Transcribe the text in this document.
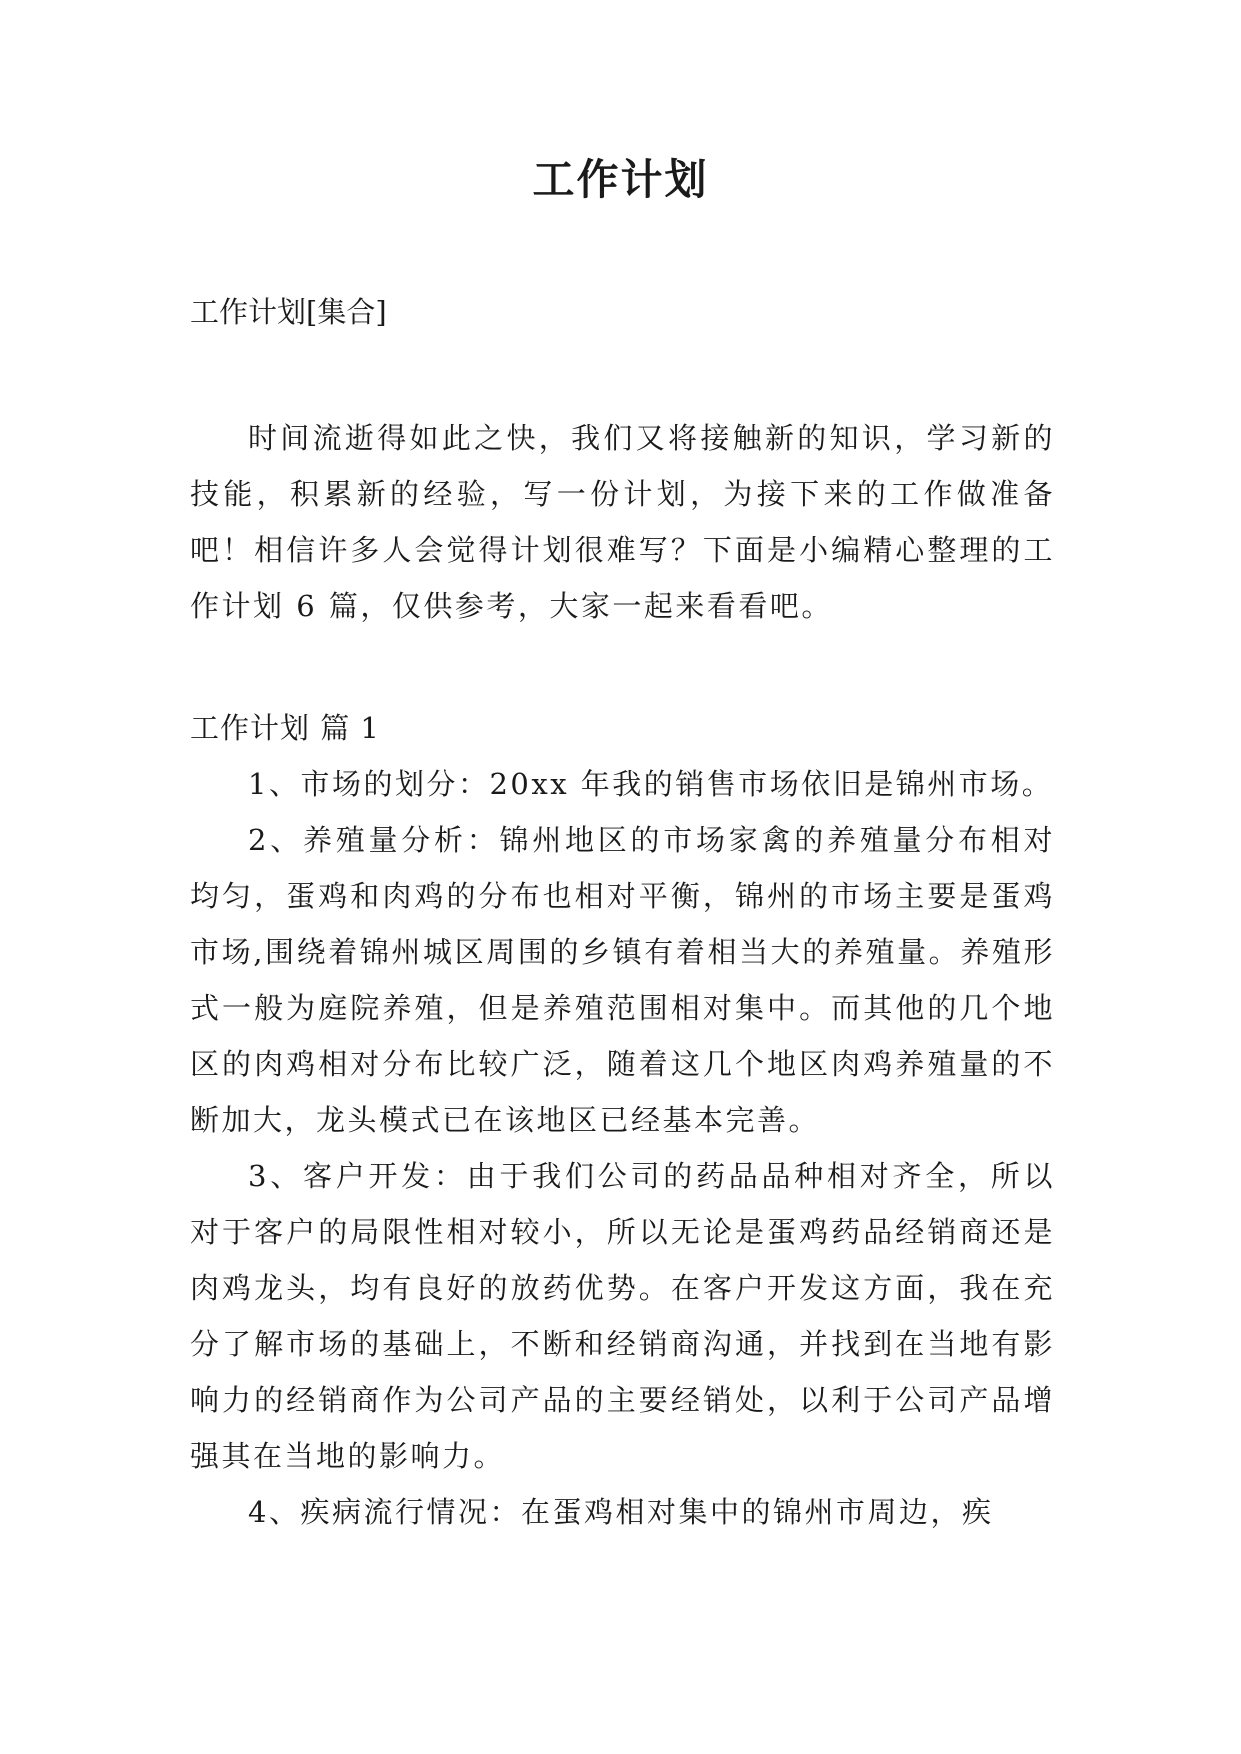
工作计划
工作计划[集合]

时间流逝得如此之快，我们又将接触新的知识，学习新的技能，积累新的经验，写一份计划，为接下来的工作做准备吧！相信许多人会觉得计划很难写？下面是小编精心整理的工作计划 6 篇，仅供参考，大家一起来看看吧。

工作计划 篇 1

1、市场的划分：20xx 年我的销售市场依旧是锦州市场。

2、养殖量分析：锦州地区的市场家禽的养殖量分布相对均匀，蛋鸡和肉鸡的分布也相对平衡，锦州的市场主要是蛋鸡市场,围绕着锦州城区周围的乡镇有着相当大的养殖量。养殖形式一般为庭院养殖，但是养殖范围相对集中。而其他的几个地区的肉鸡相对分布比较广泛，随着这几个地区肉鸡养殖量的不断加大，龙头模式已在该地区已经基本完善。

3、客户开发：由于我们公司的药品品种相对齐全，所以对于客户的局限性相对较小，所以无论是蛋鸡药品经销商还是肉鸡龙头，均有良好的放药优势。在客户开发这方面，我在充分了解市场的基础上，不断和经销商沟通，并找到在当地有影响力的经销商作为公司产品的主要经销处，以利于公司产品增强其在当地的影响力。

4、疾病流行情况：在蛋鸡相对集中的锦州市周边，疾
